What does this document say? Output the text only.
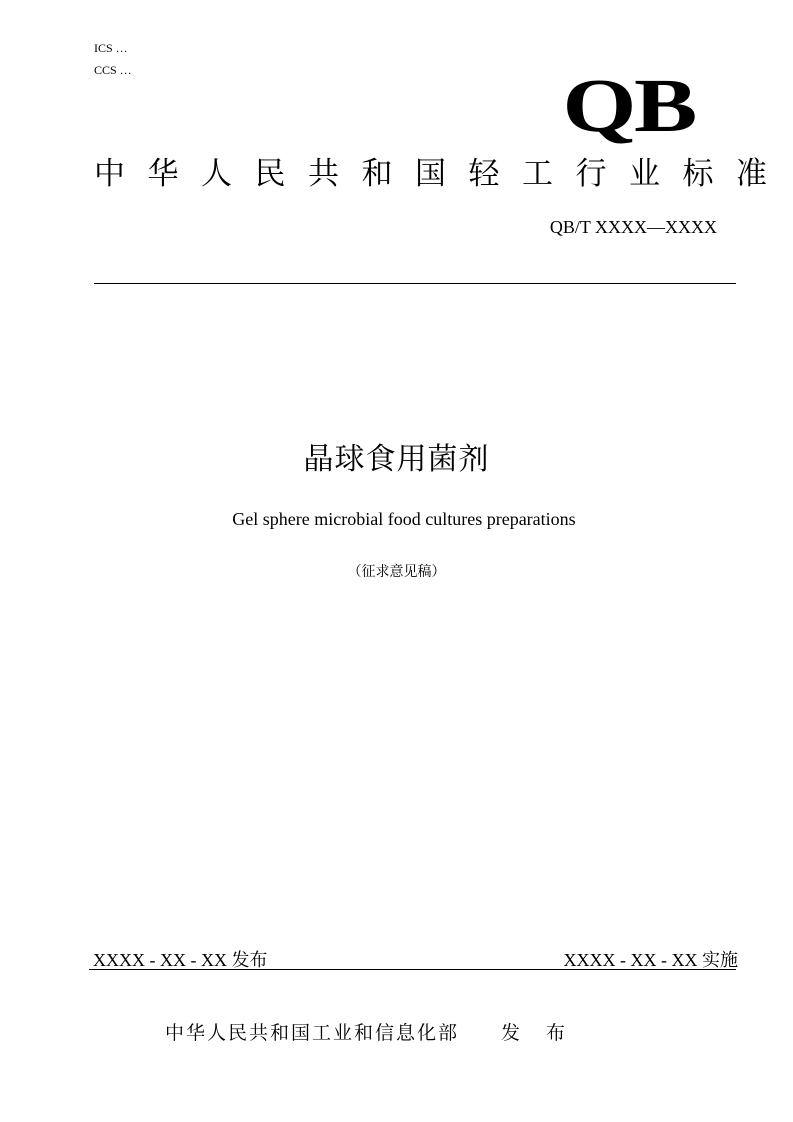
ICS …
CCS …	QB
中华人民共和国轻工行业标准
QB/T XXXX—XXXX
晶球食用菌剂
Gel sphere microbial food cultures preparations
（征求意见稿）
XXXX - XX - XX 发布	XXXX - XX - XX 实施
中华人民共和国工业和信息化部 发 布
